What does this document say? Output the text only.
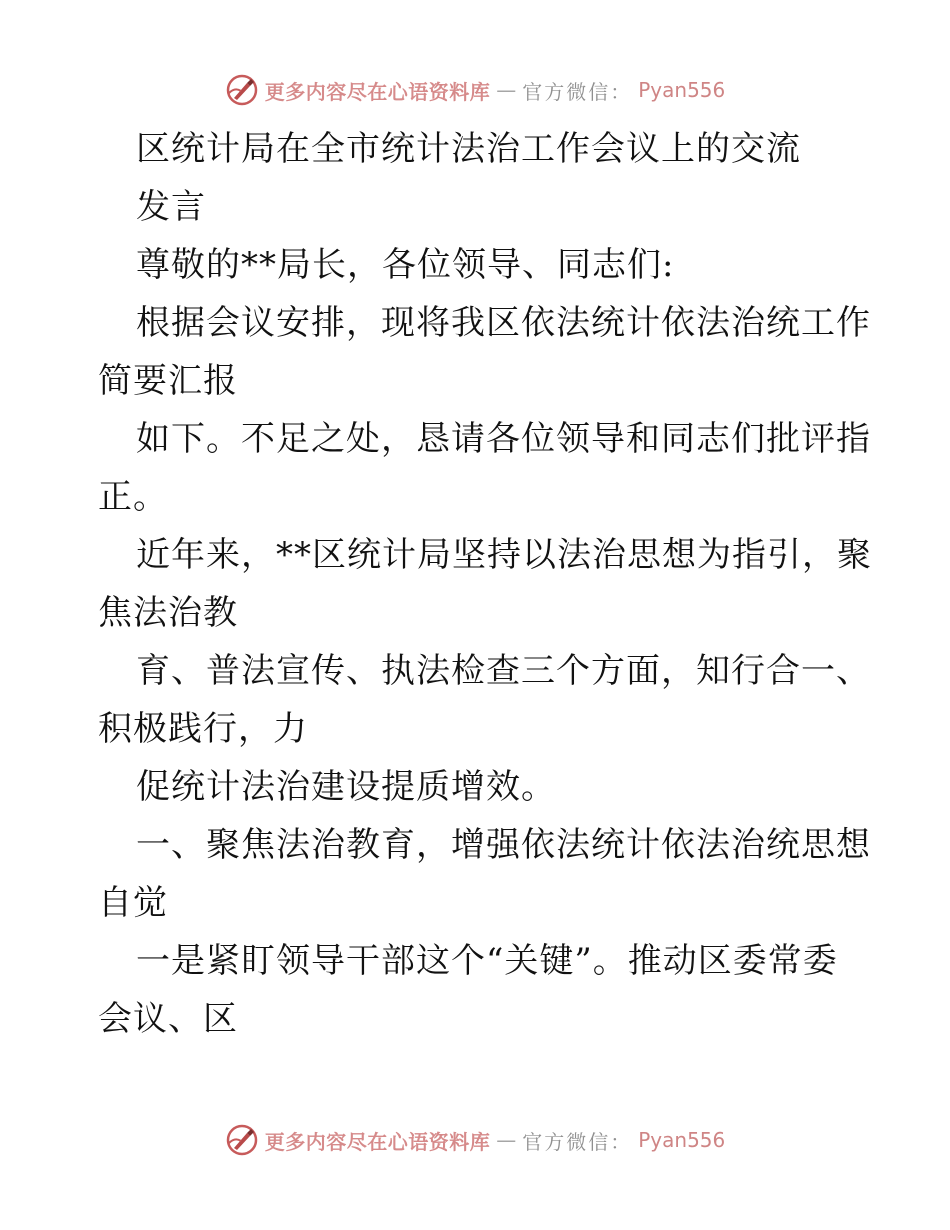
更多内容尽在心语资料库 — 官方微信： Pyan556
区统计局在全市统计法治工作会议上的交流
发言
尊敬的**局长，各位领导、同志们:
根据会议安排，现将我区依法统计依法治统工作
简要汇报
如下。不足之处，恳请各位领导和同志们批评指
正。
近年来，**区统计局坚持以法治思想为指引，聚
焦法治教
育、普法宣传、执法检查三个方面，知行合一、
积极践行，力
促统计法治建设提质增效。
一、聚焦法治教育，增强依法统计依法治统思想
自觉
一是紧盯领导干部这个“关键”。推动区委常委
会议、区
更多内容尽在心语资料库 — 官方微信： Pyan556
